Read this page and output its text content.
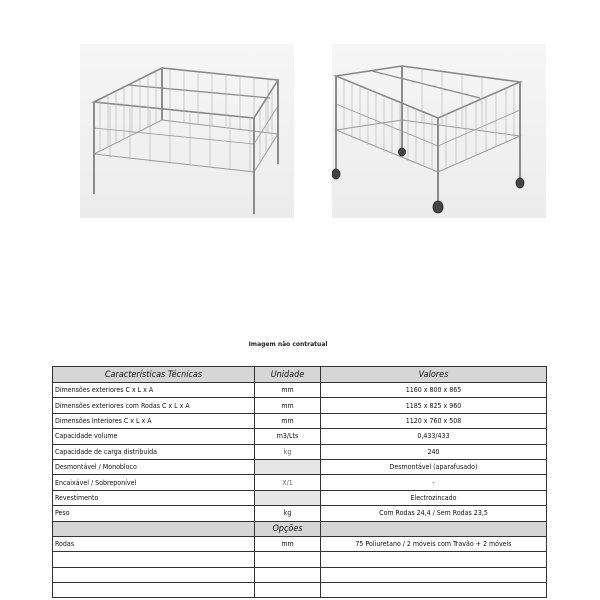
Imagem não contratual
Características Técnicas	Unidade	Valores
Dimensões exteriores C x L x A	mm	1160 x 800 x 865
Dimensões exteriores com Rodas C x L x A	mm	1185 x 825 x 960
Dimensões Interiores C x L x A	mm	1120 x 760 x 508
Capacidade volume	m3/Lts	0,433/433
Capacidade de carga distribuída	kg	240
Desmontável / Monobloco		Desmontável (aparafusado)
Encaixável / Sobreponível	X/1	-
Revestimento		Electrozincado
Peso	kg	Com Rodas 24,4 / Sem Rodas 23,5
	Opções	
Rodas	mm	75 Poliuretano / 2 móveis com Travão + 2 móveis
